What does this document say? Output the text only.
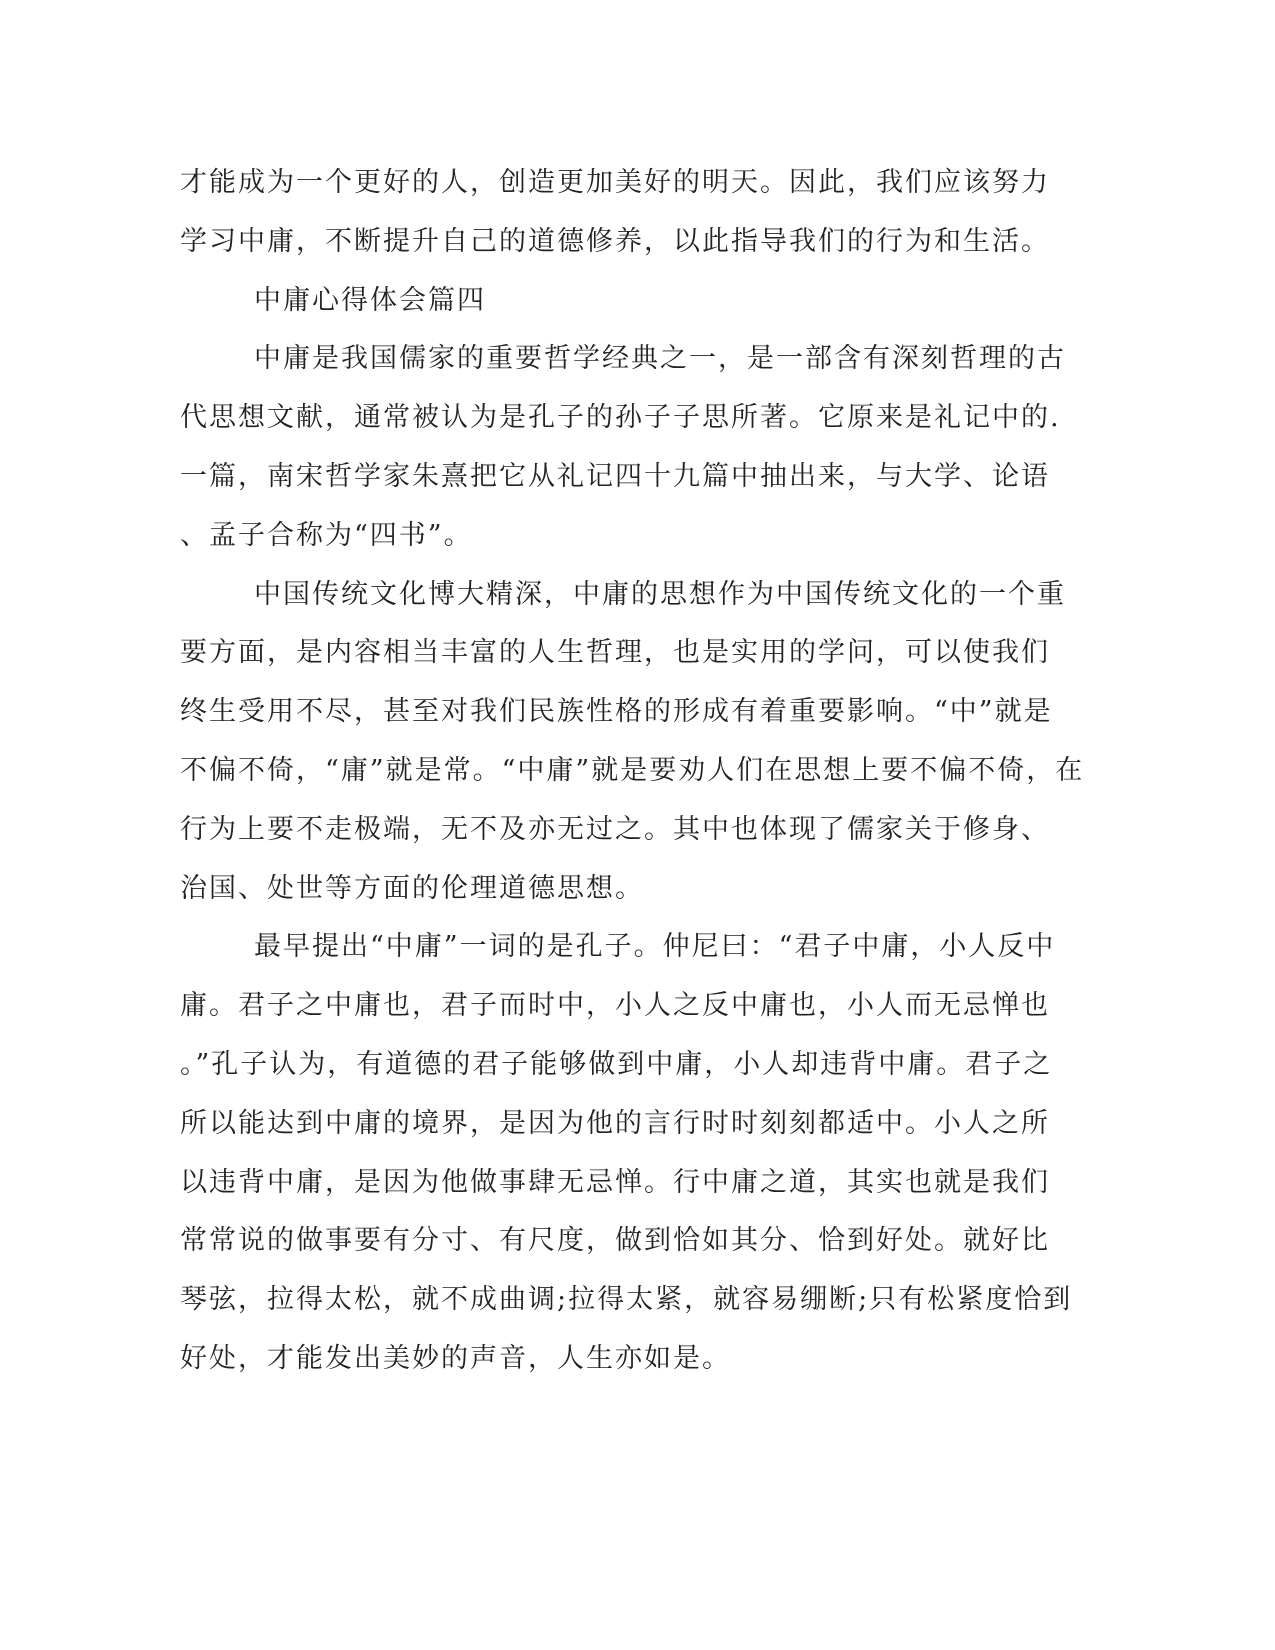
才能成为一个更好的人，创造更加美好的明天。因此，我们应该努力
学习中庸，不断提升自己的道德修养，以此指导我们的行为和生活。
中庸心得体会篇四
中庸是我国儒家的重要哲学经典之一，是一部含有深刻哲理的古
代思想文献，通常被认为是孔子的孙子子思所著。它原来是礼记中的.
一篇，南宋哲学家朱熹把它从礼记四十九篇中抽出来，与大学、论语
、孟子合称为“四书”。
中国传统文化博大精深，中庸的思想作为中国传统文化的一个重
要方面，是内容相当丰富的人生哲理，也是实用的学问，可以使我们
终生受用不尽，甚至对我们民族性格的形成有着重要影响。“中”就是
不偏不倚，“庸”就是常。“中庸”就是要劝人们在思想上要不偏不倚，在
行为上要不走极端，无不及亦无过之。其中也体现了儒家关于修身、
治国、处世等方面的伦理道德思想。
最早提出“中庸”一词的是孔子。仲尼曰：“君子中庸，小人反中
庸。君子之中庸也，君子而时中，小人之反中庸也，小人而无忌惮也
。”孔子认为，有道德的君子能够做到中庸，小人却违背中庸。君子之
所以能达到中庸的境界，是因为他的言行时时刻刻都适中。小人之所
以违背中庸，是因为他做事肆无忌惮。行中庸之道，其实也就是我们
常常说的做事要有分寸、有尺度，做到恰如其分、恰到好处。就好比
琴弦，拉得太松，就不成曲调;拉得太紧，就容易绷断;只有松紧度恰到
好处，才能发出美妙的声音，人生亦如是。
